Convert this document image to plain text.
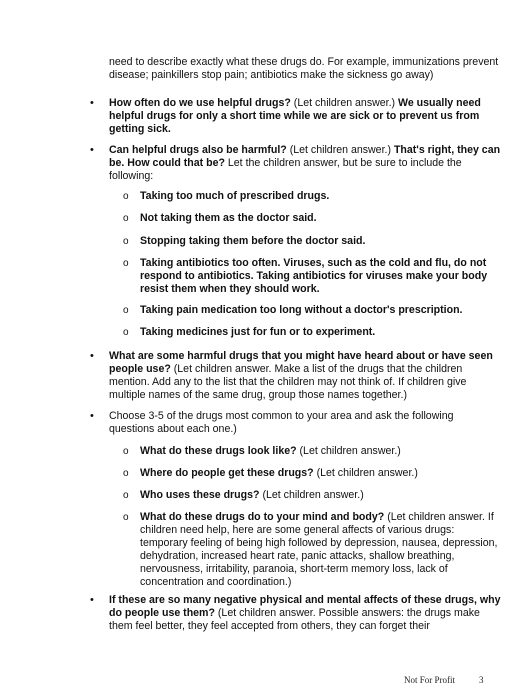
need to describe exactly what these drugs do. For example, immunizations prevent disease; painkillers stop pain; antibiotics make the sickness go away)
• How often do we use helpful drugs? (Let children answer.) We usually need helpful drugs for only a short time while we are sick or to prevent us from getting sick.
• Can helpful drugs also be harmful? (Let children answer.) That's right, they can be. How could that be? Let the children answer, but be sure to include the following:
o Taking too much of prescribed drugs.
o Not taking them as the doctor said.
o Stopping taking them before the doctor said.
o Taking antibiotics too often. Viruses, such as the cold and flu, do not respond to antibiotics. Taking antibiotics for viruses make your body resist them when they should work.
o Taking pain medication too long without a doctor's prescription.
o Taking medicines just for fun or to experiment.
• What are some harmful drugs that you might have heard about or have seen people use? (Let children answer. Make a list of the drugs that the children mention. Add any to the list that the children may not think of. If children give multiple names of the same drug, group those names together.)
• Choose 3-5 of the drugs most common to your area and ask the following questions about each one.)
o What do these drugs look like? (Let children answer.)
o Where do people get these drugs? (Let children answer.)
o Who uses these drugs? (Let children answer.)
o What do these drugs do to your mind and body? (Let children answer. If children need help, here are some general affects of various drugs: temporary feeling of being high followed by depression, nausea, depression, dehydration, increased heart rate, panic attacks, shallow breathing, nervousness, irritability, paranoia, short-term memory loss, lack of concentration and coordination.)
• If these are so many negative physical and mental affects of these drugs, why do people use them? (Let children answer. Possible answers: the drugs make them feel better, they feel accepted from others, they can forget their
Not For Profit	3
